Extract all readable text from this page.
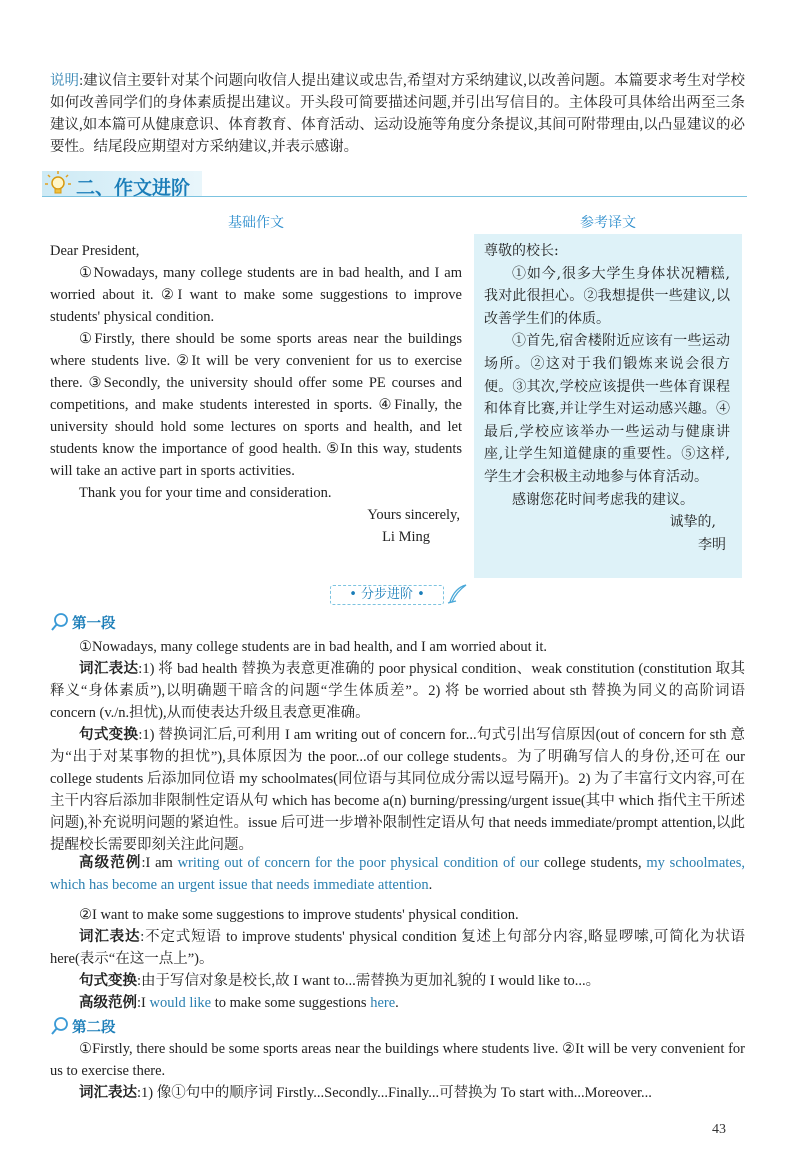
说明:建议信主要针对某个问题向收信人提出建议或忠告,希望对方采纳建议,以改善问题。本篇要求考生对学校如何改善同学们的身体素质提出建议。开头段可简要描述问题,并引出写信目的。主体段可具体给出两至三条建议,如本篇可从健康意识、体育教育、体育活动、运动设施等角度分条提议,其间可附带理由,以凸显建议的必要性。结尾段应期望对方采纳建议,并表示感谢。
二、作文进阶
基础作文	参考译文

Dear President,

①Nowadays, many college students are in bad health, and I am worried about it. ②I want to make some suggestions to improve students' physical condition.

①Firstly, there should be some sports areas near the buildings where students live. ②It will be very convenient for us to exercise there. ③Secondly, the university should offer some PE courses and competitions, and make students interested in sports. ④Finally, the university should hold some lectures on sports and health, and let students know the importance of good health. ⑤In this way, students will take an active part in sports activities.

Thank you for your time and consideration.

Yours sincerely,

Li Ming

尊敬的校长:

①如今,很多大学生身体状况糟糕,我对此很担心。②我想提供一些建议,以改善学生们的体质。

①首先,宿舍楼附近应该有一些运动场所。②这对于我们锻炼来说会很方便。③其次,学校应该提供一些体育课程和体育比赛,并让学生对运动感兴趣。④最后,学校应该举办一些运动与健康讲座,让学生知道健康的重要性。⑤这样,学生才会积极主动地参与体育活动。

感谢您花时间考虑我的建议。

诚挚的,

李明

• 分步进阶 •
第一段
①Nowadays, many college students are in bad health, and I am worried about it.
词汇表达:1) 将 bad health 替换为表意更准确的 poor physical condition、weak constitution (constitution 取其释义“身体素质”),以明确题干暗含的问题“学生体质差”。2) 将 be worried about sth 替换为同义的高阶词语 concern (v./n.担忧),从而使表达升级且表意更准确。
句式变换:1) 替换词汇后,可利用 I am writing out of concern for...句式引出写信原因(out of concern for sth 意为“出于对某事物的担忧”),具体原因为 the poor...of our college students。为了明确写信人的身份,还可在 our college students 后添加同位语 my schoolmates(同位语与其同位成分需以逗号隔开)。2) 为了丰富行文内容,可在主干内容后添加非限制性定语从句 which has become a(n) burning/pressing/urgent issue(其中 which 指代主干所述问题),补充说明问题的紧迫性。issue 后可进一步增补限制性定语从句 that needs immediate/prompt attention,以此提醒校长需要即刻关注此问题。
高级范例:I am writing out of concern for the poor physical condition of our college students, my schoolmates, which has become an urgent issue that needs immediate attention.
②I want to make some suggestions to improve students' physical condition.
词汇表达:不定式短语 to improve students' physical condition 复述上句部分内容,略显啰嗦,可简化为状语 here(表示“在这一点上”)。
句式变换:由于写信对象是校长,故 I want to...需替换为更加礼貌的 I would like to...。
高级范例:I would like to make some suggestions here.
第二段
①Firstly, there should be some sports areas near the buildings where students live. ②It will be very convenient for us to exercise there.
词汇表达:1) 像①句中的顺序词 Firstly...Secondly...Finally...可替换为 To start with...Moreover...
43
